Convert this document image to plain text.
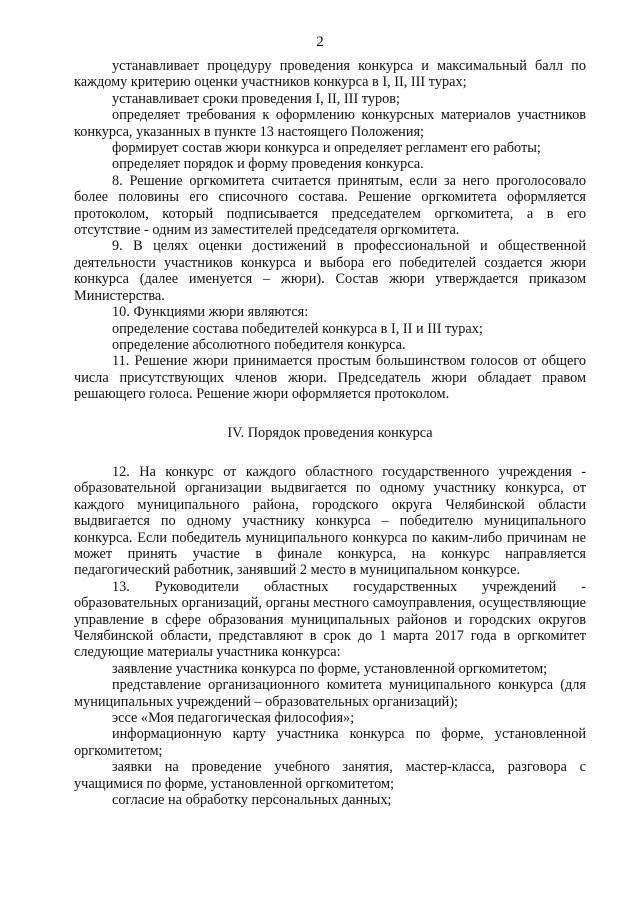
2

устанавливает процедуру проведения конкурса и максимальный балл по каждому критерию оценки участников конкурса в I, II, III турах;

устанавливает сроки проведения I, II, III туров;

определяет требования к оформлению конкурсных материалов участников конкурса, указанных в пункте 13 настоящего Положения;

формирует состав жюри конкурса и определяет регламент его работы;

определяет порядок и форму проведения конкурса.

8. Решение оргкомитета считается принятым, если за него проголосовало более половины его списочного состава. Решение оргкомитета оформляется протоколом, который подписывается председателем оргкомитета, а в его отсутствие - одним из заместителей председателя оргкомитета.

9. В целях оценки достижений в профессиональной и общественной деятельности участников конкурса и выбора его победителей создается жюри конкурса (далее именуется – жюри). Состав жюри утверждается приказом Министерства.

10. Функциями жюри являются:

определение состава победителей конкурса в I, II и III турах;

определение абсолютного победителя конкурса.

11. Решение жюри принимается простым большинством голосов от общего числа присутствующих членов жюри. Председатель жюри обладает правом решающего голоса. Решение жюри оформляется протоколом.

IV. Порядок проведения конкурса

12. На конкурс от каждого областного государственного учреждения - образовательной организации выдвигается по одному участнику конкурса, от каждого муниципального района, городского округа Челябинской области выдвигается по одному участнику конкурса – победителю муниципального конкурса. Если победитель муниципального конкурса по каким-либо причинам не может принять участие в финале конкурса, на конкурс направляется педагогический работник, занявший 2 место в муниципальном конкурсе.

13. Руководители областных государственных учреждений - образовательных организаций, органы местного самоуправления, осуществляющие управление в сфере образования муниципальных районов и городских округов Челябинской области, представляют в срок до 1 марта 2017 года в оргкомитет следующие материалы участника конкурса:

заявление участника конкурса по форме, установленной оргкомитетом;

представление организационного комитета муниципального конкурса (для муниципальных учреждений – образовательных организаций);

эссе «Моя педагогическая философия»;

информационную карту участника конкурса по форме, установленной оргкомитетом;

заявки на проведение учебного занятия, мастер-класса, разговора с учащимися по форме, установленной оргкомитетом;

согласие на обработку персональных данных;
